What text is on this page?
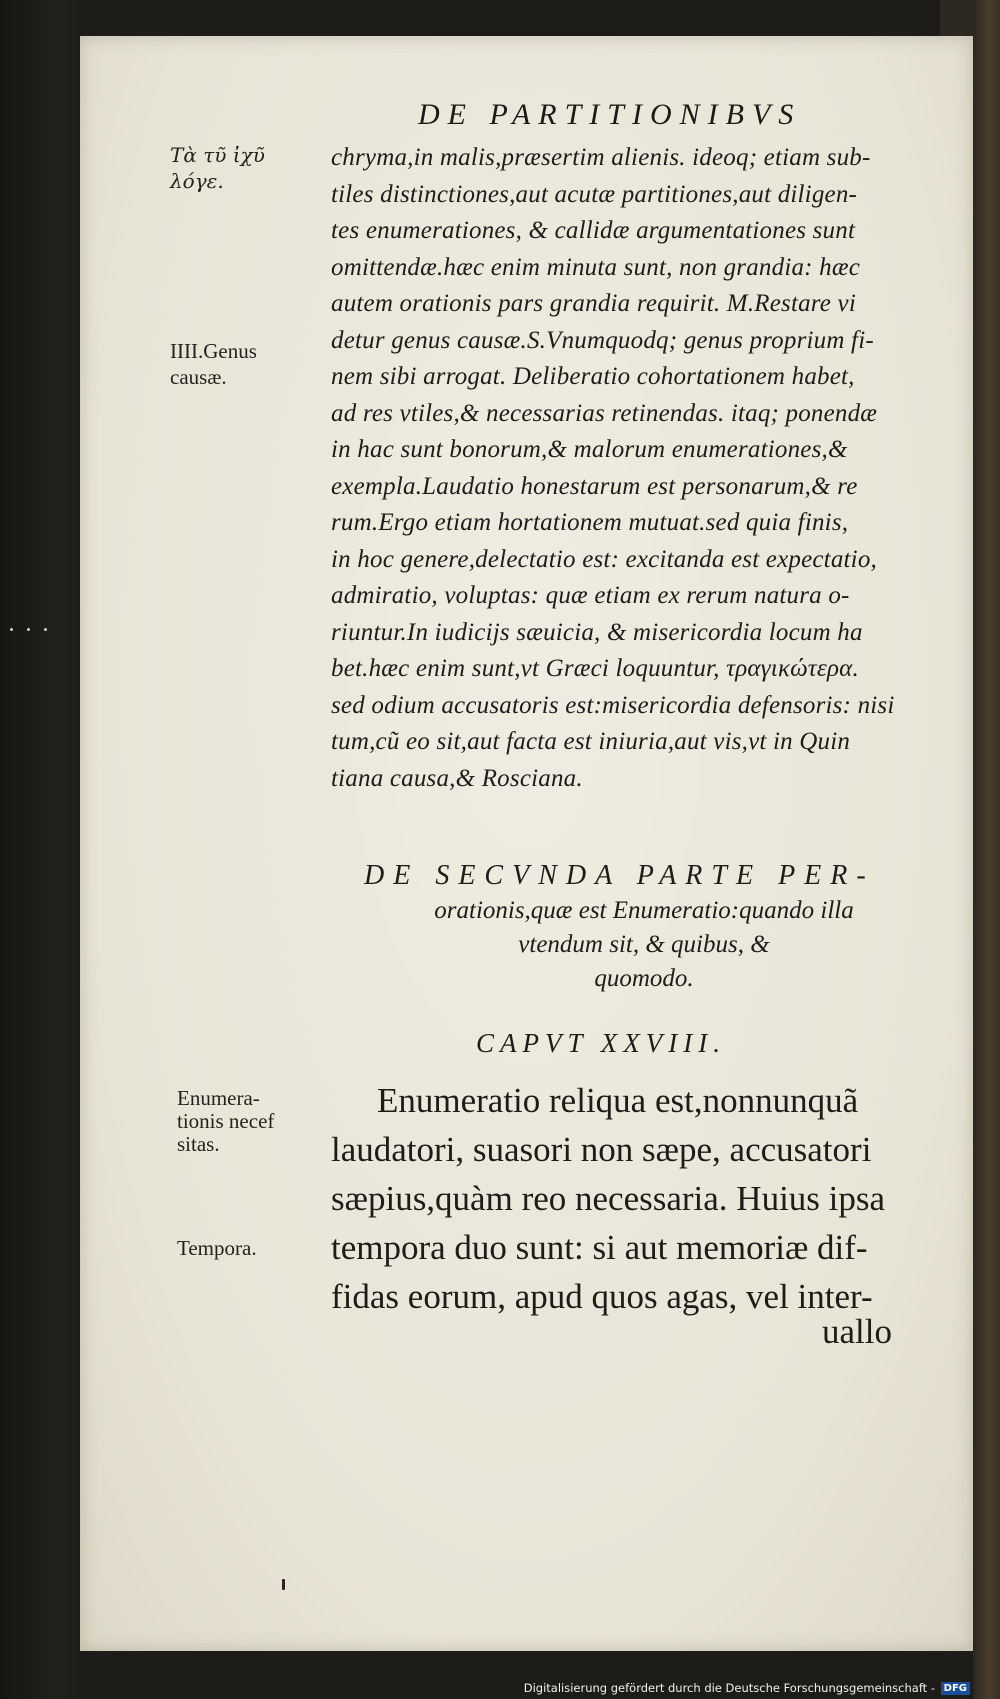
DE PARTITIONIBVS
Τὰ τῦ ἰχῦ
λόγε.
IIII.Genus
causæ.
Enumera-
tionis necef
sitas.
Tempora.
chryma,in malis,præsertim alienis. ideoq; etiam sub-
tiles distinctiones,aut acutæ partitiones,aut diligen-
tes enumerationes, & callidæ argumentationes sunt
omittendæ.hæc enim minuta sunt, non grandia: hæc
autem orationis pars grandia requirit. M.Restare vi
detur genus causæ.S.Vnumquodq; genus proprium fi-
nem sibi arrogat. Deliberatio cohortationem habet,
ad res vtiles,& necessarias retinendas. itaq; ponendæ
in hac sunt bonorum,& malorum enumerationes,&
exempla.Laudatio honestarum est personarum,& re
rum.Ergo etiam hortationem mutuat.sed quia finis,
in hoc genere,delectatio est: excitanda est expectatio,
admiratio, voluptas: quæ etiam ex rerum natura o-
riuntur.In iudicijs sæuicia, & misericordia locum ha
bet.hæc enim sunt,vt Græci loquuntur, τραγικώτερα.
sed odium accusatoris est:misericordia defensoris: nisi
tum,cũ eo sit,aut facta est iniuria,aut vis,vt in Quin
tiana causa,& Rosciana.
DE SECVNDA PARTE PER-
orationis,quæ est Enumeratio:quando illa
vtendum sit, & quibus, &
quomodo.
CAPVT XXVIII.
Enumeratio reliqua est,nonnunquã
laudatori, suasori non sæpe, accusatori
sæpius,quàm reo necessaria. Huius ipsa
tempora duo sunt: si aut memoriæ dif-
fidas eorum, apud quos agas, vel inter-
uallo
Digitalisierung gefördert durch die Deutsche Forschungsgemeinschaft - DFG
